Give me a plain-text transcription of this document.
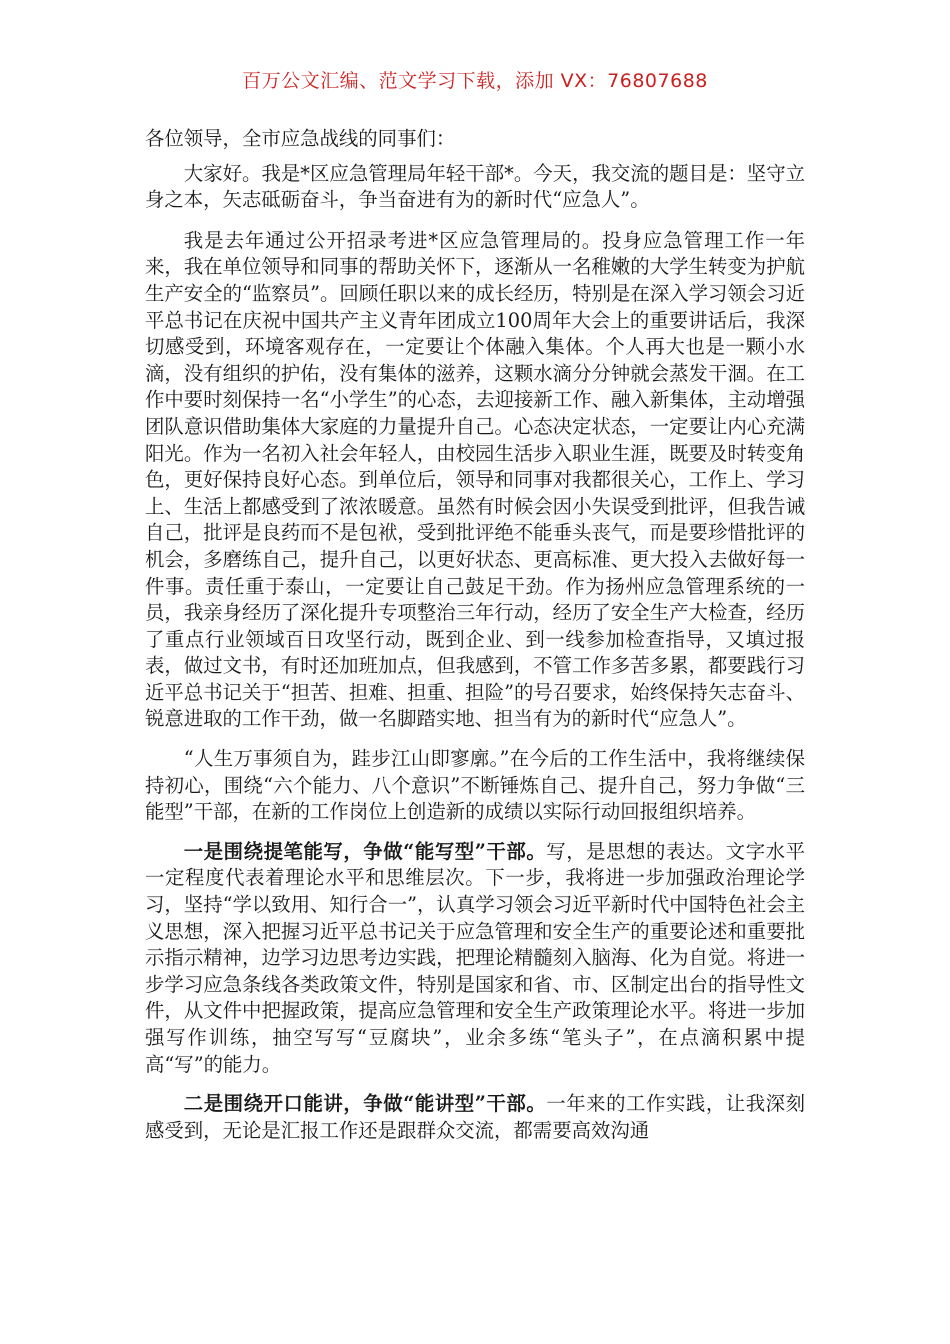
百万公文汇编、范文学习下载，添加 VX：76807688

各位领导，全市应急战线的同事们：

大家好。我是*区应急管理局年轻干部*。今天，我交流的题目是：坚守立身之本，矢志砥砺奋斗，争当奋进有为的新时代“应急人”。

我是去年通过公开招录考进*区应急管理局的。投身应急管理工作一年来，我在单位领导和同事的帮助关怀下，逐渐从一名稚嫩的大学生转变为护航生产安全的“监察员”。回顾任职以来的成长经历，特别是在深入学习领会习近平总书记在庆祝中国共产主义青年团成立100周年大会上的重要讲话后，我深切感受到，环境客观存在，一定要让个体融入集体。个人再大也是一颗小水滴，没有组织的护佑，没有集体的滋养，这颗水滴分分钟就会蒸发干涸。在工作中要时刻保持一名“小学生”的心态，去迎接新工作、融入新集体，主动增强团队意识借助集体大家庭的力量提升自己。心态决定状态，一定要让内心充满阳光。作为一名初入社会年轻人，由校园生活步入职业生涯，既要及时转变角色，更好保持良好心态。到单位后，领导和同事对我都很关心，工作上、学习上、生活上都感受到了浓浓暖意。虽然有时候会因小失误受到批评，但我告诫自己，批评是良药而不是包袱，受到批评绝不能垂头丧气，而是要珍惜批评的机会，多磨练自己，提升自己，以更好状态、更高标准、更大投入去做好每一件事。责任重于泰山，一定要让自己鼓足干劲。作为扬州应急管理系统的一员，我亲身经历了深化提升专项整治三年行动，经历了安全生产大检查，经历了重点行业领域百日攻坚行动，既到企业、到一线参加检查指导，又填过报表，做过文书，有时还加班加点，但我感到，不管工作多苦多累，都要践行习近平总书记关于“担苦、担难、担重、担险”的号召要求，始终保持矢志奋斗、锐意进取的工作干劲，做一名脚踏实地、担当有为的新时代“应急人”。

“人生万事须自为，跬步江山即寥廓。”在今后的工作生活中，我将继续保持初心，围绕“六个能力、八个意识”不断锤炼自己、提升自己，努力争做“三能型”干部，在新的工作岗位上创造新的成绩以实际行动回报组织培养。

一是围绕提笔能写，争做“能写型”干部。写，是思想的表达。文字水平一定程度代表着理论水平和思维层次。下一步，我将进一步加强政治理论学习，坚持“学以致用、知行合一”，认真学习领会习近平新时代中国特色社会主义思想，深入把握习近平总书记关于应急管理和安全生产的重要论述和重要批示指示精神，边学习边思考边实践，把理论精髓刻入脑海、化为自觉。将进一步学习应急条线各类政策文件，特别是国家和省、市、区制定出台的指导性文件，从文件中把握政策，提高应急管理和安全生产政策理论水平。将进一步加强写作训练，抽空写写“豆腐块”，业余多练“笔头子”，在点滴积累中提高“写”的能力。

二是围绕开口能讲，争做“能讲型”干部。一年来的工作实践，让我深刻感受到，无论是汇报工作还是跟群众交流，都需要高效沟通
